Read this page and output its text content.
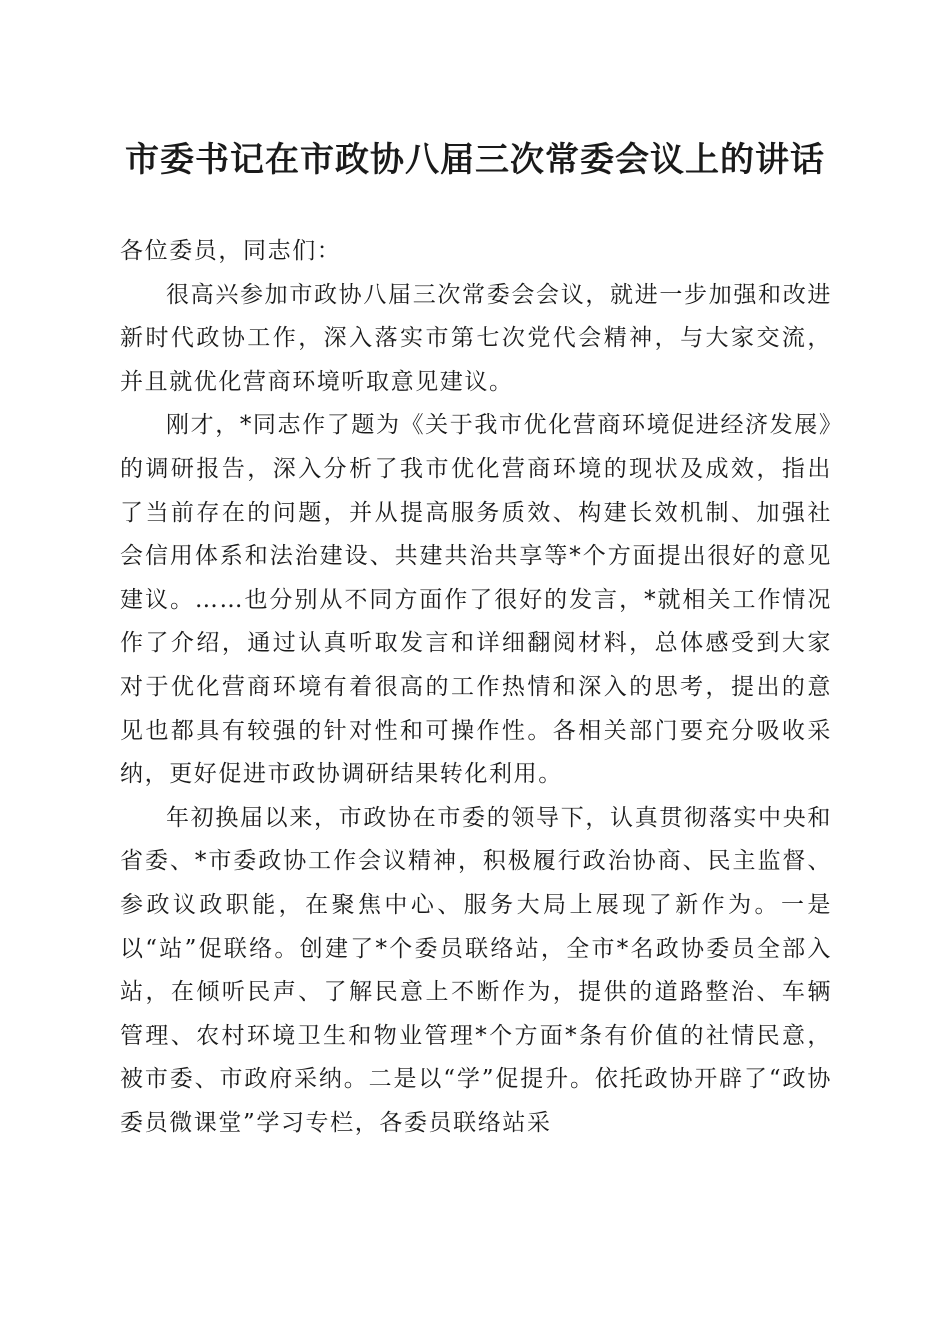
市委书记在市政协八届三次常委会议上的讲话

各位委员，同志们：

很高兴参加市政协八届三次常委会会议，就进一步加强和改进新时代政协工作，深入落实市第七次党代会精神，与大家交流，并且就优化营商环境听取意见建议。

刚才，*同志作了题为《关于我市优化营商环境促进经济发展》的调研报告，深入分析了我市优化营商环境的现状及成效，指出了当前存在的问题，并从提高服务质效、构建长效机制、加强社会信用体系和法治建设、共建共治共享等*个方面提出很好的意见建议。……也分别从不同方面作了很好的发言，*就相关工作情况作了介绍，通过认真听取发言和详细翻阅材料，总体感受到大家对于优化营商环境有着很高的工作热情和深入的思考，提出的意见也都具有较强的针对性和可操作性。各相关部门要充分吸收采纳，更好促进市政协调研结果转化利用。

年初换届以来，市政协在市委的领导下，认真贯彻落实中央和省委、*市委政协工作会议精神，积极履行政治协商、民主监督、参政议政职能，在聚焦中心、服务大局上展现了新作为。一是以“站”促联络。创建了*个委员联络站，全市*名政协委员全部入站，在倾听民声、了解民意上不断作为，提供的道路整治、车辆管理、农村环境卫生和物业管理*个方面*条有价值的社情民意，被市委、市政府采纳。二是以“学”促提升。依托政协开辟了“政协委员微课堂”学习专栏，各委员联络站采
